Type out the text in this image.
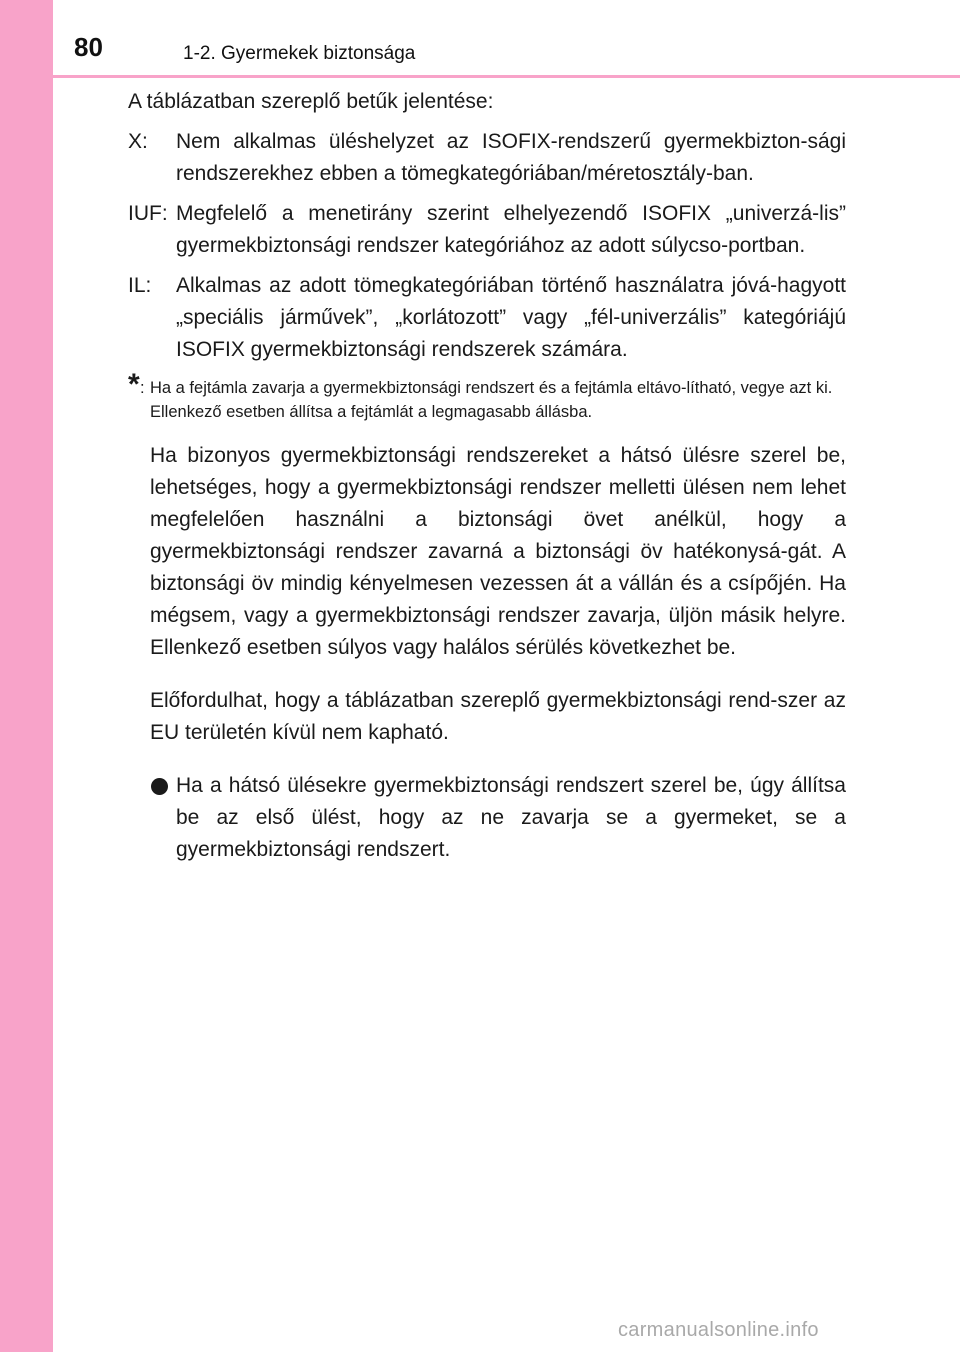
80	1-2. Gyermekek biztonsága

A táblázatban szereplő betűk jelentése:

X:	Nem alkalmas üléshelyzet az ISOFIX-rendszerű gyermekbizton-sági rendszerekhez ebben a tömegkategóriában/méretosztály-ban.
IUF: Megfelelő a menetirány szerint elhelyezendő ISOFIX „univerzá-lis” gyermekbiztonsági rendszer kategóriához az adott súlycso-portban.
IL:	Alkalmas az adott tömegkategóriában történő használatra jóvá-hagyott „speciális járművek”, „korlátozott” vagy „fél-univerzális” kategóriájú ISOFIX gyermekbiztonsági rendszerek számára.
* : Ha a fejtámla zavarja a gyermekbiztonsági rendszert és a fejtámla eltávo-lítható, vegye azt ki.
Ellenkező esetben állítsa a fejtámlát a legmagasabb állásba.

Ha bizonyos gyermekbiztonsági rendszereket a hátsó ülésre szerel be, lehetséges, hogy a gyermekbiztonsági rendszer melletti ülésen nem lehet megfelelően használni a biztonsági övet anélkül, hogy a gyermekbiztonsági rendszer zavarná a biztonsági öv hatékonysá-gát. A biztonsági öv mindig kényelmesen vezessen át a vállán és a csípőjén. Ha mégsem, vagy a gyermekbiztonsági rendszer zavarja, üljön másik helyre. Ellenkező esetben súlyos vagy halálos sérülés következhet be.

Előfordulhat, hogy a táblázatban szereplő gyermekbiztonsági rend-szer az EU területén kívül nem kapható.

Ha a hátsó ülésekre gyermekbiztonsági rendszert szerel be, úgy állítsa be az első ülést, hogy az ne zavarja se a gyermeket, se a gyermekbiztonsági rendszert.
carmanualsonline.info
